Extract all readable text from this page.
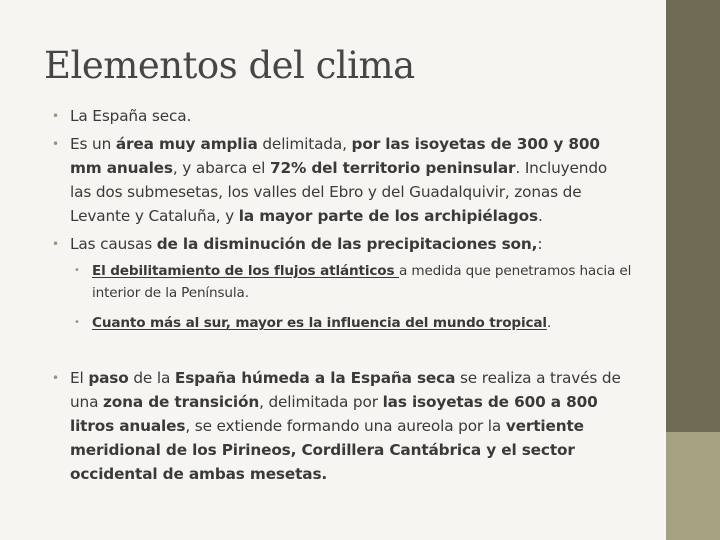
Elementos del clima
• La España seca.
• Es un área muy amplia delimitada, por las isoyetas de 300 y 800 mm anuales, y abarca el 72% del territorio peninsular. Incluyendo las dos submesetas, los valles del Ebro y del Guadalquivir, zonas de Levante y Cataluña, y la mayor parte de los archipiélagos.
• Las causas de la disminución de las precipitaciones son,:
• El debilitamiento de los flujos atlánticos a medida que penetramos hacia el interior de la Península.
• Cuanto más al sur, mayor es la influencia del mundo tropical.
• El paso de la España húmeda a la España seca se realiza a través de una zona de transición, delimitada por las isoyetas de 600 a 800 litros anuales, se extiende formando una aureola por la vertiente meridional de los Pirineos, Cordillera Cantábrica y el sector occidental de ambas mesetas.
